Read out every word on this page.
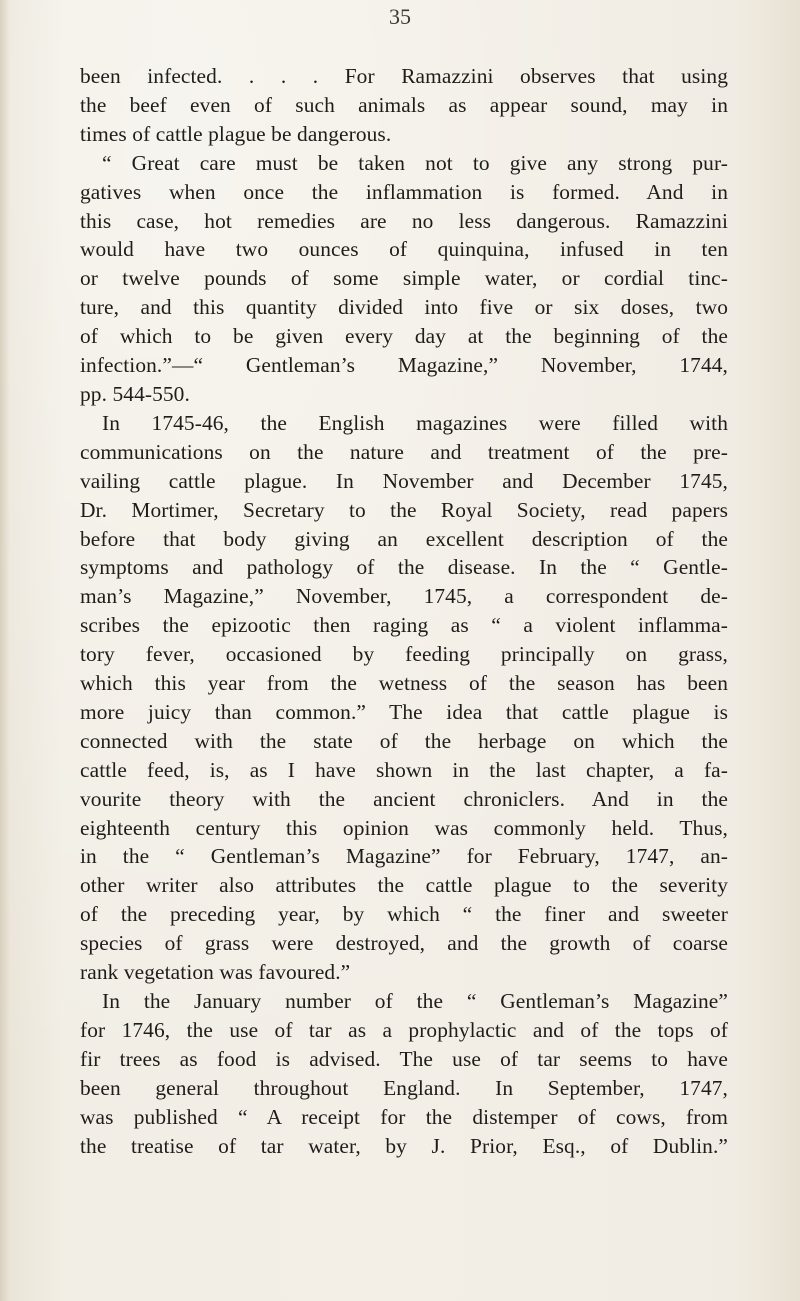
35
been infected. . . . For Ramazzini observes that using
the beef even of such animals as appear sound, may in
times of cattle plague be dangerous.
“ Great care must be taken not to give any strong pur-
gatives when once the inflammation is formed. And in
this case, hot remedies are no less dangerous. Ramazzini
would have two ounces of quinquina, infused in ten
or twelve pounds of some simple water, or cordial tinc-
ture, and this quantity divided into five or six doses, two
of which to be given every day at the beginning of the
infection.”—“ Gentleman’s Magazine,” November, 1744,
pp. 544-550.
In 1745-46, the English magazines were filled with
communications on the nature and treatment of the pre-
vailing cattle plague. In November and December 1745,
Dr. Mortimer, Secretary to the Royal Society, read papers
before that body giving an excellent description of the
symptoms and pathology of the disease. In the “ Gentle-
man’s Magazine,” November, 1745, a correspondent de-
scribes the epizootic then raging as “ a violent inflamma-
tory fever, occasioned by feeding principally on grass,
which this year from the wetness of the season has been
more juicy than common.” The idea that cattle plague is
connected with the state of the herbage on which the
cattle feed, is, as I have shown in the last chapter, a fa-
vourite theory with the ancient chroniclers. And in the
eighteenth century this opinion was commonly held. Thus,
in the “ Gentleman’s Magazine” for February, 1747, an-
other writer also attributes the cattle plague to the severity
of the preceding year, by which “ the finer and sweeter
species of grass were destroyed, and the growth of coarse
rank vegetation was favoured.”
In the January number of the “ Gentleman’s Magazine”
for 1746, the use of tar as a prophylactic and of the tops of
fir trees as food is advised. The use of tar seems to have
been general throughout England. In September, 1747,
was published “ A receipt for the distemper of cows, from
the treatise of tar water, by J. Prior, Esq., of Dublin.”
